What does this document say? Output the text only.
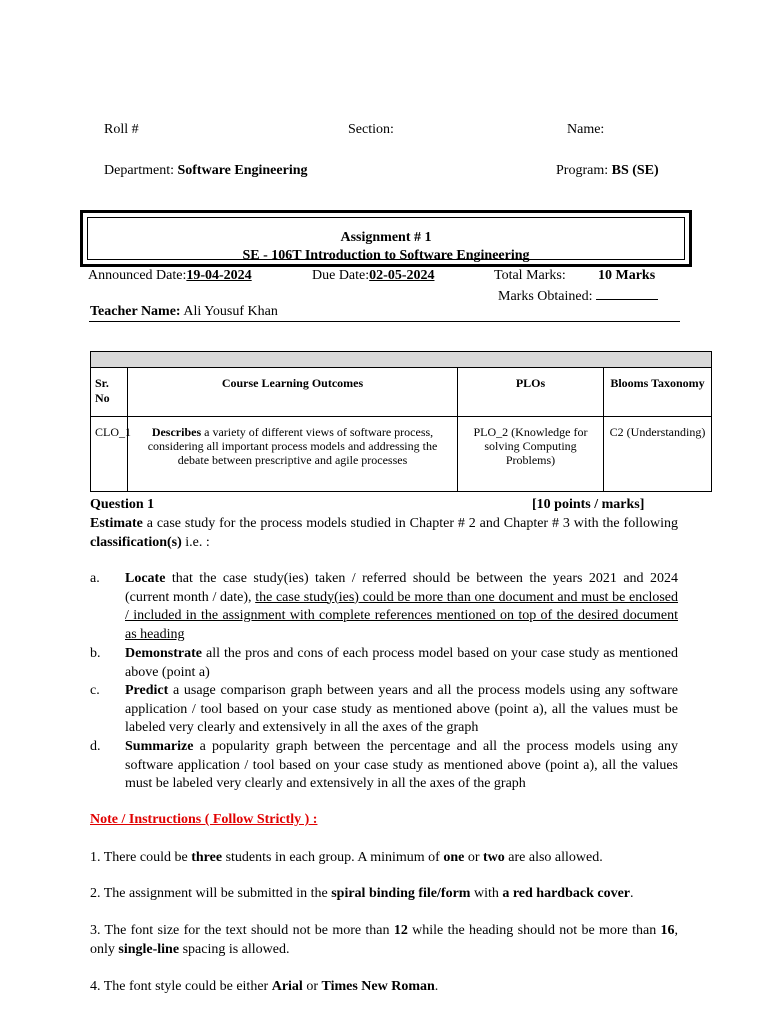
Roll #	Section:	Name:
Department: Software Engineering	Program: BS (SE)
Assignment # 1
SE - 106T Introduction to Software Engineering
Announced Date:19-04-2024	Due Date:02-05-2024	Total Marks: 10 Marks
Marks Obtained:
Teacher Name: Ali Yousuf Khan

Sr. No	Course Learning Outcomes	PLOs	Blooms Taxonomy
CLO_1	Describes a variety of different views of software process, considering all important process models and addressing the debate between prescriptive and agile processes	PLO_2 (Knowledge for solving Computing Problems)	C2 (Understanding)
Question 1	[10 points / marks]
Estimate a case study for the process models studied in Chapter # 2 and Chapter # 3 with the following classification(s) i.e. :
a. Locate that the case study(ies) taken / referred should be between the years 2021 and 2024 (current month / date), the case study(ies) could be more than one document and must be enclosed / included in the assignment with complete references mentioned on top of the desired document as heading
b. Demonstrate all the pros and cons of each process model based on your case study as mentioned above (point a)
c. Predict a usage comparison graph between years and all the process models using any software application / tool based on your case study as mentioned above (point a), all the values must be labeled very clearly and extensively in all the axes of the graph
d. Summarize a popularity graph between the percentage and all the process models using any software application / tool based on your case study as mentioned above (point a), all the values must be labeled very clearly and extensively in all the axes of the graph
Note / Instructions ( Follow Strictly ) :
1. There could be three students in each group. A minimum of one or two are also allowed.
2. The assignment will be submitted in the spiral binding file/form with a red hardback cover.
3. The font size for the text should not be more than 12 while the heading should not be more than 16, only single-line spacing is allowed.
4. The font style could be either Arial or Times New Roman.
